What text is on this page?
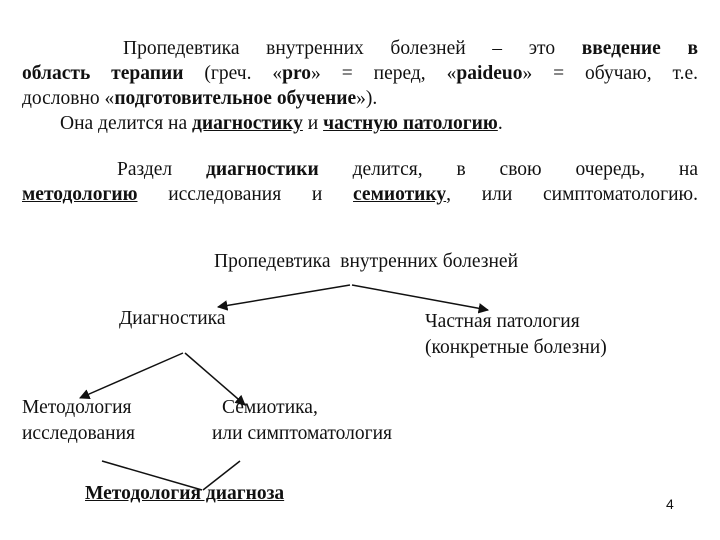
Пропедевтика внутренних болезней – это введение в
область терапии (греч. «pro» = перед, «paideuo» = обучаю, т.е.
дословно «подготовительное обучение»).
Она делится на диагностику и частную патологию.
Раздел диагностики делится, в свою очередь, на
методологию исследования и семиотику, или симптоматологию.
Пропедевтика  внутренних болезней
Диагностика	Частная патология
(конкретные болезни)
Методология
исследования
Семиотика,
или симптоматология
Методология диагноза	4
